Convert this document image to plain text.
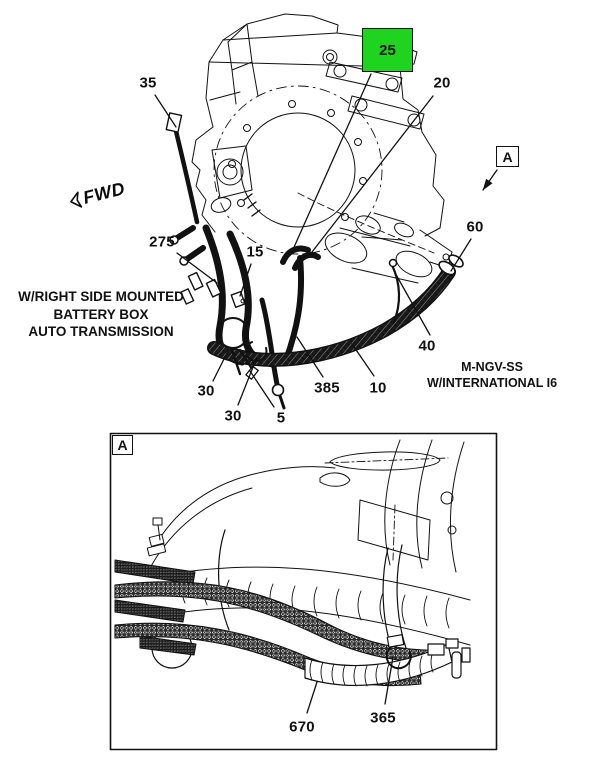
FWD
35
25
20
60
275
15
30
30 5
385 10
40
A
A
670
365
W/RIGHT SIDE MOUNTED
BATTERY BOX
AUTO TRANSMISSION
M-NGV-SS
W/INTERNATIONAL I6
